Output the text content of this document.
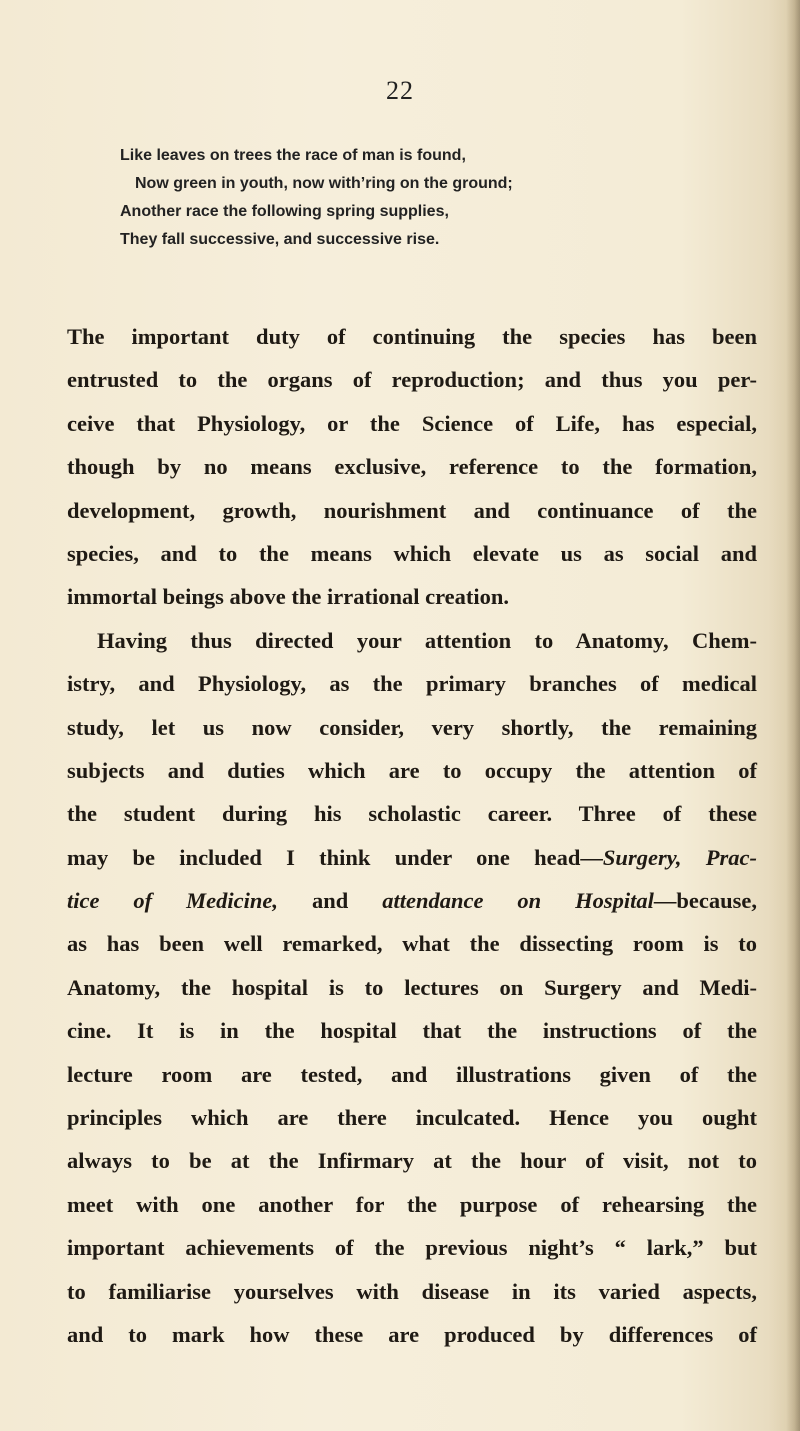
22
Like leaves on trees the race of man is found,
Now green in youth, now with’ring on the ground;
Another race the following spring supplies,
They fall successive, and successive rise.
The important duty of continuing the species has been
entrusted to the organs of reproduction; and thus you per-
ceive that Physiology, or the Science of Life, has especial,
though by no means exclusive, reference to the formation,
development, growth, nourishment and continuance of the
species, and to the means which elevate us as social and
immortal beings above the irrational creation.
Having thus directed your attention to Anatomy, Chem-
istry, and Physiology, as the primary branches of medical
study, let us now consider, very shortly, the remaining
subjects and duties which are to occupy the attention of
the student during his scholastic career. Three of these
may be included I think under one head—Surgery, Prac-
tice of Medicine, and attendance on Hospital—because,
as has been well remarked, what the dissecting room is to
Anatomy, the hospital is to lectures on Surgery and Medi-
cine. It is in the hospital that the instructions of the
lecture room are tested, and illustrations given of the
principles which are there inculcated. Hence you ought
always to be at the Infirmary at the hour of visit, not to
meet with one another for the purpose of rehearsing the
important achievements of the previous night’s “ lark,” but
to familiarise yourselves with disease in its varied aspects,
and to mark how these are produced by differences of
